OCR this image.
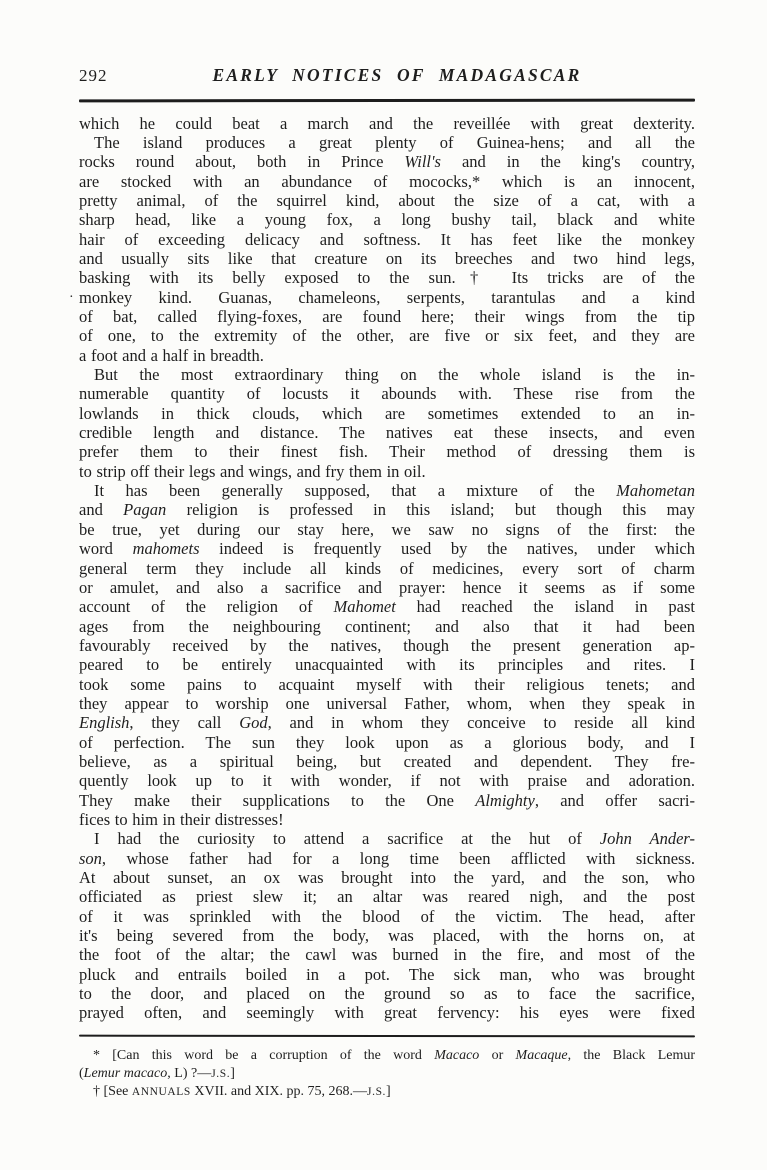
292	EARLY NOTICES OF MADAGASCAR
which he could beat a march and the reveillée with great dexterity.
The island produces a great plenty of Guinea-hens; and all the
rocks round about, both in Prince Will's and in the king's country,
are stocked with an abundance of mococks,* which is an innocent,
pretty animal, of the squirrel kind, about the size of a cat, with a
sharp head, like a young fox, a long bushy tail, black and white
hair of exceeding delicacy and softness. It has feet like the monkey
and usually sits like that creature on its breeches and two hind legs,
basking with its belly exposed to the sun.† Its tricks are of the
· monkey kind. Guanas, chameleons, serpents, tarantulas and a kind
of bat, called flying-foxes, are found here; their wings from the tip
of one, to the extremity of the other, are five or six feet, and they are
a foot and a half in breadth.
But the most extraordinary thing on the whole island is the in-
numerable quantity of locusts it abounds with. These rise from the
lowlands in thick clouds, which are sometimes extended to an in-
credible length and distance. The natives eat these insects, and even
prefer them to their finest fish. Their method of dressing them is
to strip off their legs and wings, and fry them in oil.
It has been generally supposed, that a mixture of the Mahometan
and Pagan religion is professed in this island; but though this may
be true, yet during our stay here, we saw no signs of the first: the
word mahomets indeed is frequently used by the natives, under which
general term they include all kinds of medicines, every sort of charm
or amulet, and also a sacrifice and prayer: hence it seems as if some
account of the religion of Mahomet had reached the island in past
ages from the neighbouring continent; and also that it had been
favourably received by the natives, though the present generation ap-
peared to be entirely unacquainted with its principles and rites. I
took some pains to acquaint myself with their religious tenets; and
they appear to worship one universal Father, whom, when they speak in
English, they call God, and in whom they conceive to reside all kind
of perfection. The sun they look upon as a glorious body, and I
believe, as a spiritual being, but created and dependent. They fre-
quently look up to it with wonder, if not with praise and adoration.
They make their supplications to the One Almighty, and offer sacri-
fices to him in their distresses!
I had the curiosity to attend a sacrifice at the hut of John Ander-
son, whose father had for a long time been afflicted with sickness.
At about sunset, an ox was brought into the yard, and the son, who
officiated as priest slew it; an altar was reared nigh, and the post
of it was sprinkled with the blood of the victim. The head, after
it's being severed from the body, was placed, with the horns on, at
the foot of the altar; the cawl was burned in the fire, and most of the
pluck and entrails boiled in a pot. The sick man, who was brought
to the door, and placed on the ground so as to face the sacrifice,
prayed often, and seemingly with great fervency: his eyes were fixed
* [Can this word be a corruption of the word Macaco or Macaque, the Black Lemur
(Lemur macaco, L) ?—J.S.]
† [See ANNUALS XVII. and XIX. pp. 75, 268.—J.S.]
